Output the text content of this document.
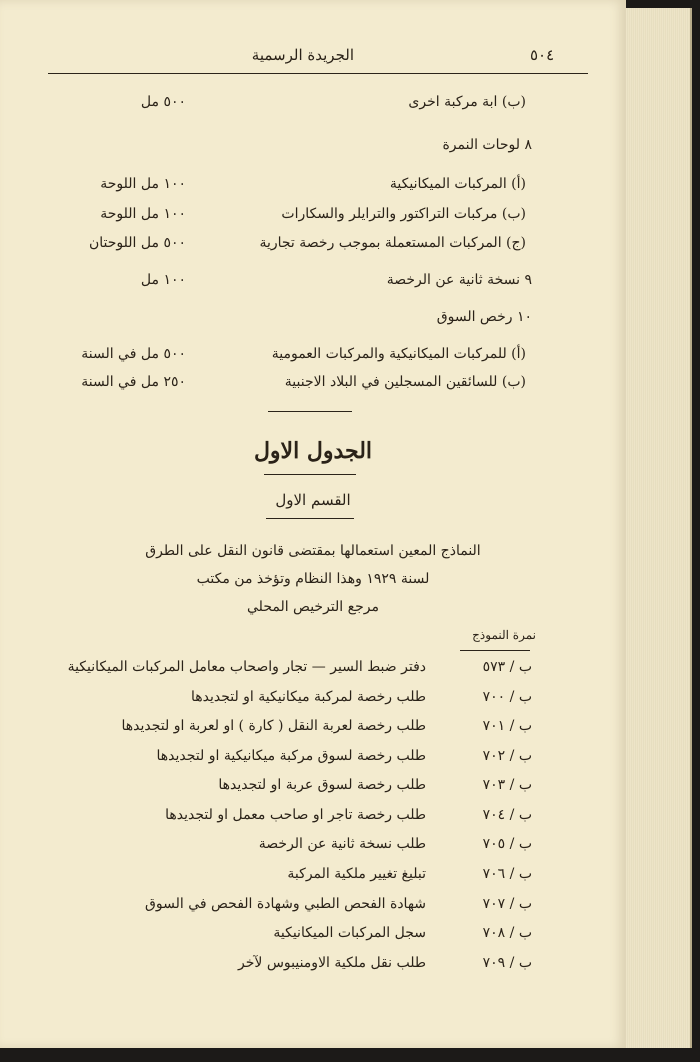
الجريدة الرسمية	٥٠٤
(ب) ابة مركبة اخرى
٥٠٠ مل
٨ لوحات النمرة
(أ) المركبات الميكانيكية
١٠٠ مل اللوحة
(ب) مركبات التراكتور والترايلر والسكارات
١٠٠ مل اللوحة
(ج) المركبات المستعملة بموجب رخصة تجارية
٥٠٠ مل اللوحتان
٩ نسخة ثانية عن الرخصة
١٠٠ مل
١٠ رخص السوق
(أ) للمركبات الميكانيكية والمركبات العمومية
٥٠٠ مل في السنة
(ب) للسائقين المسجلين في البلاد الاجنبية
٢٥٠ مل في السنة
الجدول الاول
القسم الاول
النماذج المعين استعمالها بمقتضى قانون النقل على الطرق
لسنة ١٩٢٩ وهذا النظام وتؤخذ من مكتب
مرجع الترخيص المحلي
نمرة النموذج
ب / ٥٧٣
دفتر ضبط السير — تجار واصحاب معامل المركبات الميكانيكية
ب / ٧٠٠
طلب رخصة لمركبة ميكانيكية او لتجديدها
ب / ٧٠١
طلب رخصة لعربة النقل ( كارة ) او لعربة او لتجديدها
ب / ٧٠٢
طلب رخصة لسوق مركبة ميكانيكية او لتجديدها
ب / ٧٠٣
طلب رخصة لسوق عربة او لتجديدها
ب / ٧٠٤
طلب رخصة تاجر او صاحب معمل او لتجديدها
ب / ٧٠٥
طلب نسخة ثانية عن الرخصة
ب / ٧٠٦
تبليغ تغيير ملكية المركبة
ب / ٧٠٧
شهادة الفحص الطبي وشهادة الفحص في السوق
ب / ٧٠٨
سجل المركبات الميكانيكية
ب / ٧٠٩
طلب نقل ملكية الاومنيبوس لآخر
